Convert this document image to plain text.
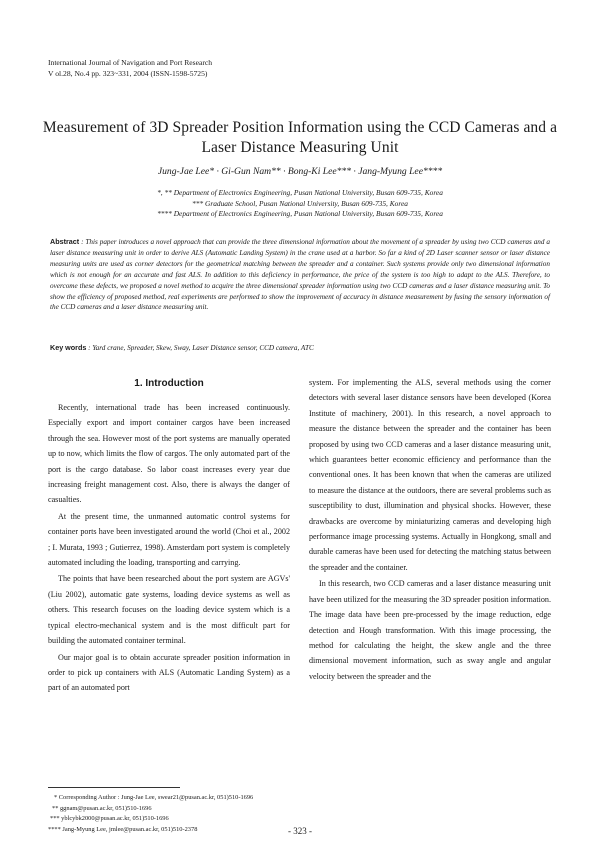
International Journal of Navigation and Port Research
V ol.28, No.4 pp. 323~331, 2004 (ISSN-1598-5725)
Measurement of 3D Spreader Position Information using the CCD Cameras and a Laser Distance Measuring Unit
Jung-Jae Lee* · Gi-Gun Nam** · Bong-Ki Lee*** · Jang-Myung Lee****
*, ** Department of Electronics Engineering, Pusan National University, Busan 609-735, Korea
*** Graduate School, Pusan National University, Busan 609-735, Korea
**** Department of Electronics Engineering, Pusan National University, Busan 609-735, Korea
Abstract : This paper introduces a novel approach that can provide the three dimensional information about the movement of a spreader by using two CCD cameras and a laser distance measuring unit in order to derive ALS (Automatic Landing System) in the crane used at a harbor. So far a kind of 2D Laser scanner sensor or laser distance measuring units are used as corner detectors for the geometrical matching between the spreader and a container. Such systems provide only two dimensional information which is not enough for an accurate and fast ALS. In addition to this deficiency in performance, the price of the system is too high to adapt to the ALS. Therefore, to overcome these defects, we proposed a novel method to acquire the three dimensional spreader information using two CCD cameras and a laser distance measuring unit. To show the efficiency of proposed method, real experiments are performed to show the improvement of accuracy in distance measurement by fusing the sensory information of the CCD cameras and a laser distance measuring unit.
Key words : Yard crane, Spreader, Skew, Sway, Laser Distance sensor, CCD camera, ATC
1. Introduction

Recently, international trade has been increased continuously. Especially export and import container cargos have been increased through the sea. However most of the port systems are manually operated up to now, which limits the flow of cargos. The only automated part of the port is the cargo database. So labor coast increases every year due increasing freight management cost. Also, there is always the danger of casualties.

At the present time, the unmanned automatic control systems for container ports have been investigated around the world (Choi et al., 2002 ; I. Murata, 1993 ; Gutierrez, 1998). Amsterdam port system is completely automated including the loading, transporting and carrying.

The points that have been researched about the port system are AGVs' (Liu 2002), automatic gate systems, loading device systems as well as others. This research focuses on the loading device system which is a typical electro-mechanical system and is the most difficult part for building the automated container terminal.

Our major goal is to obtain accurate spreader position information in order to pick up containers with ALS (Automatic Landing System) as a part of an automated port

system. For implementing the ALS, several methods using the corner detectors with several laser distance sensors have been developed (Korea Institute of machinery, 2001). In this research, a novel approach to measure the distance between the spreader and the container has been proposed by using two CCD cameras and a laser distance measuring unit, which guarantees better economic efficiency and performance than the conventional ones. It has been known that when the cameras are utilized to measure the distance at the outdoors, there are several problems such as susceptibility to dust, illumination and physical shocks. However, these drawbacks are overcome by miniaturizing cameras and developing high performance image processing systems. Actually in Hongkong, small and durable cameras have been used for detecting the matching status between the spreader and the container.

In this research, two CCD cameras and a laser distance measuring unit have been utilized for the measuring the 3D spreader position information. The image data have been pre-processed by the image reduction, edge detection and Hough transformation. With this image processing, the method for calculating the height, the skew angle and the three dimensional movement information, such as sway angle and angular velocity between the spreader and the

* Corresponding Author : Jung-Jae Lee, swear21@pusan.ac.kr, 051)510-1696
** ggnam@pusan.ac.kr, 051)510-1696
*** yblcybk2000@pusan.ac.kr, 051)510-1696
**** Jang-Myung Lee, jmlee@pusan.ac.kr, 051)510-2378	- 323 -
